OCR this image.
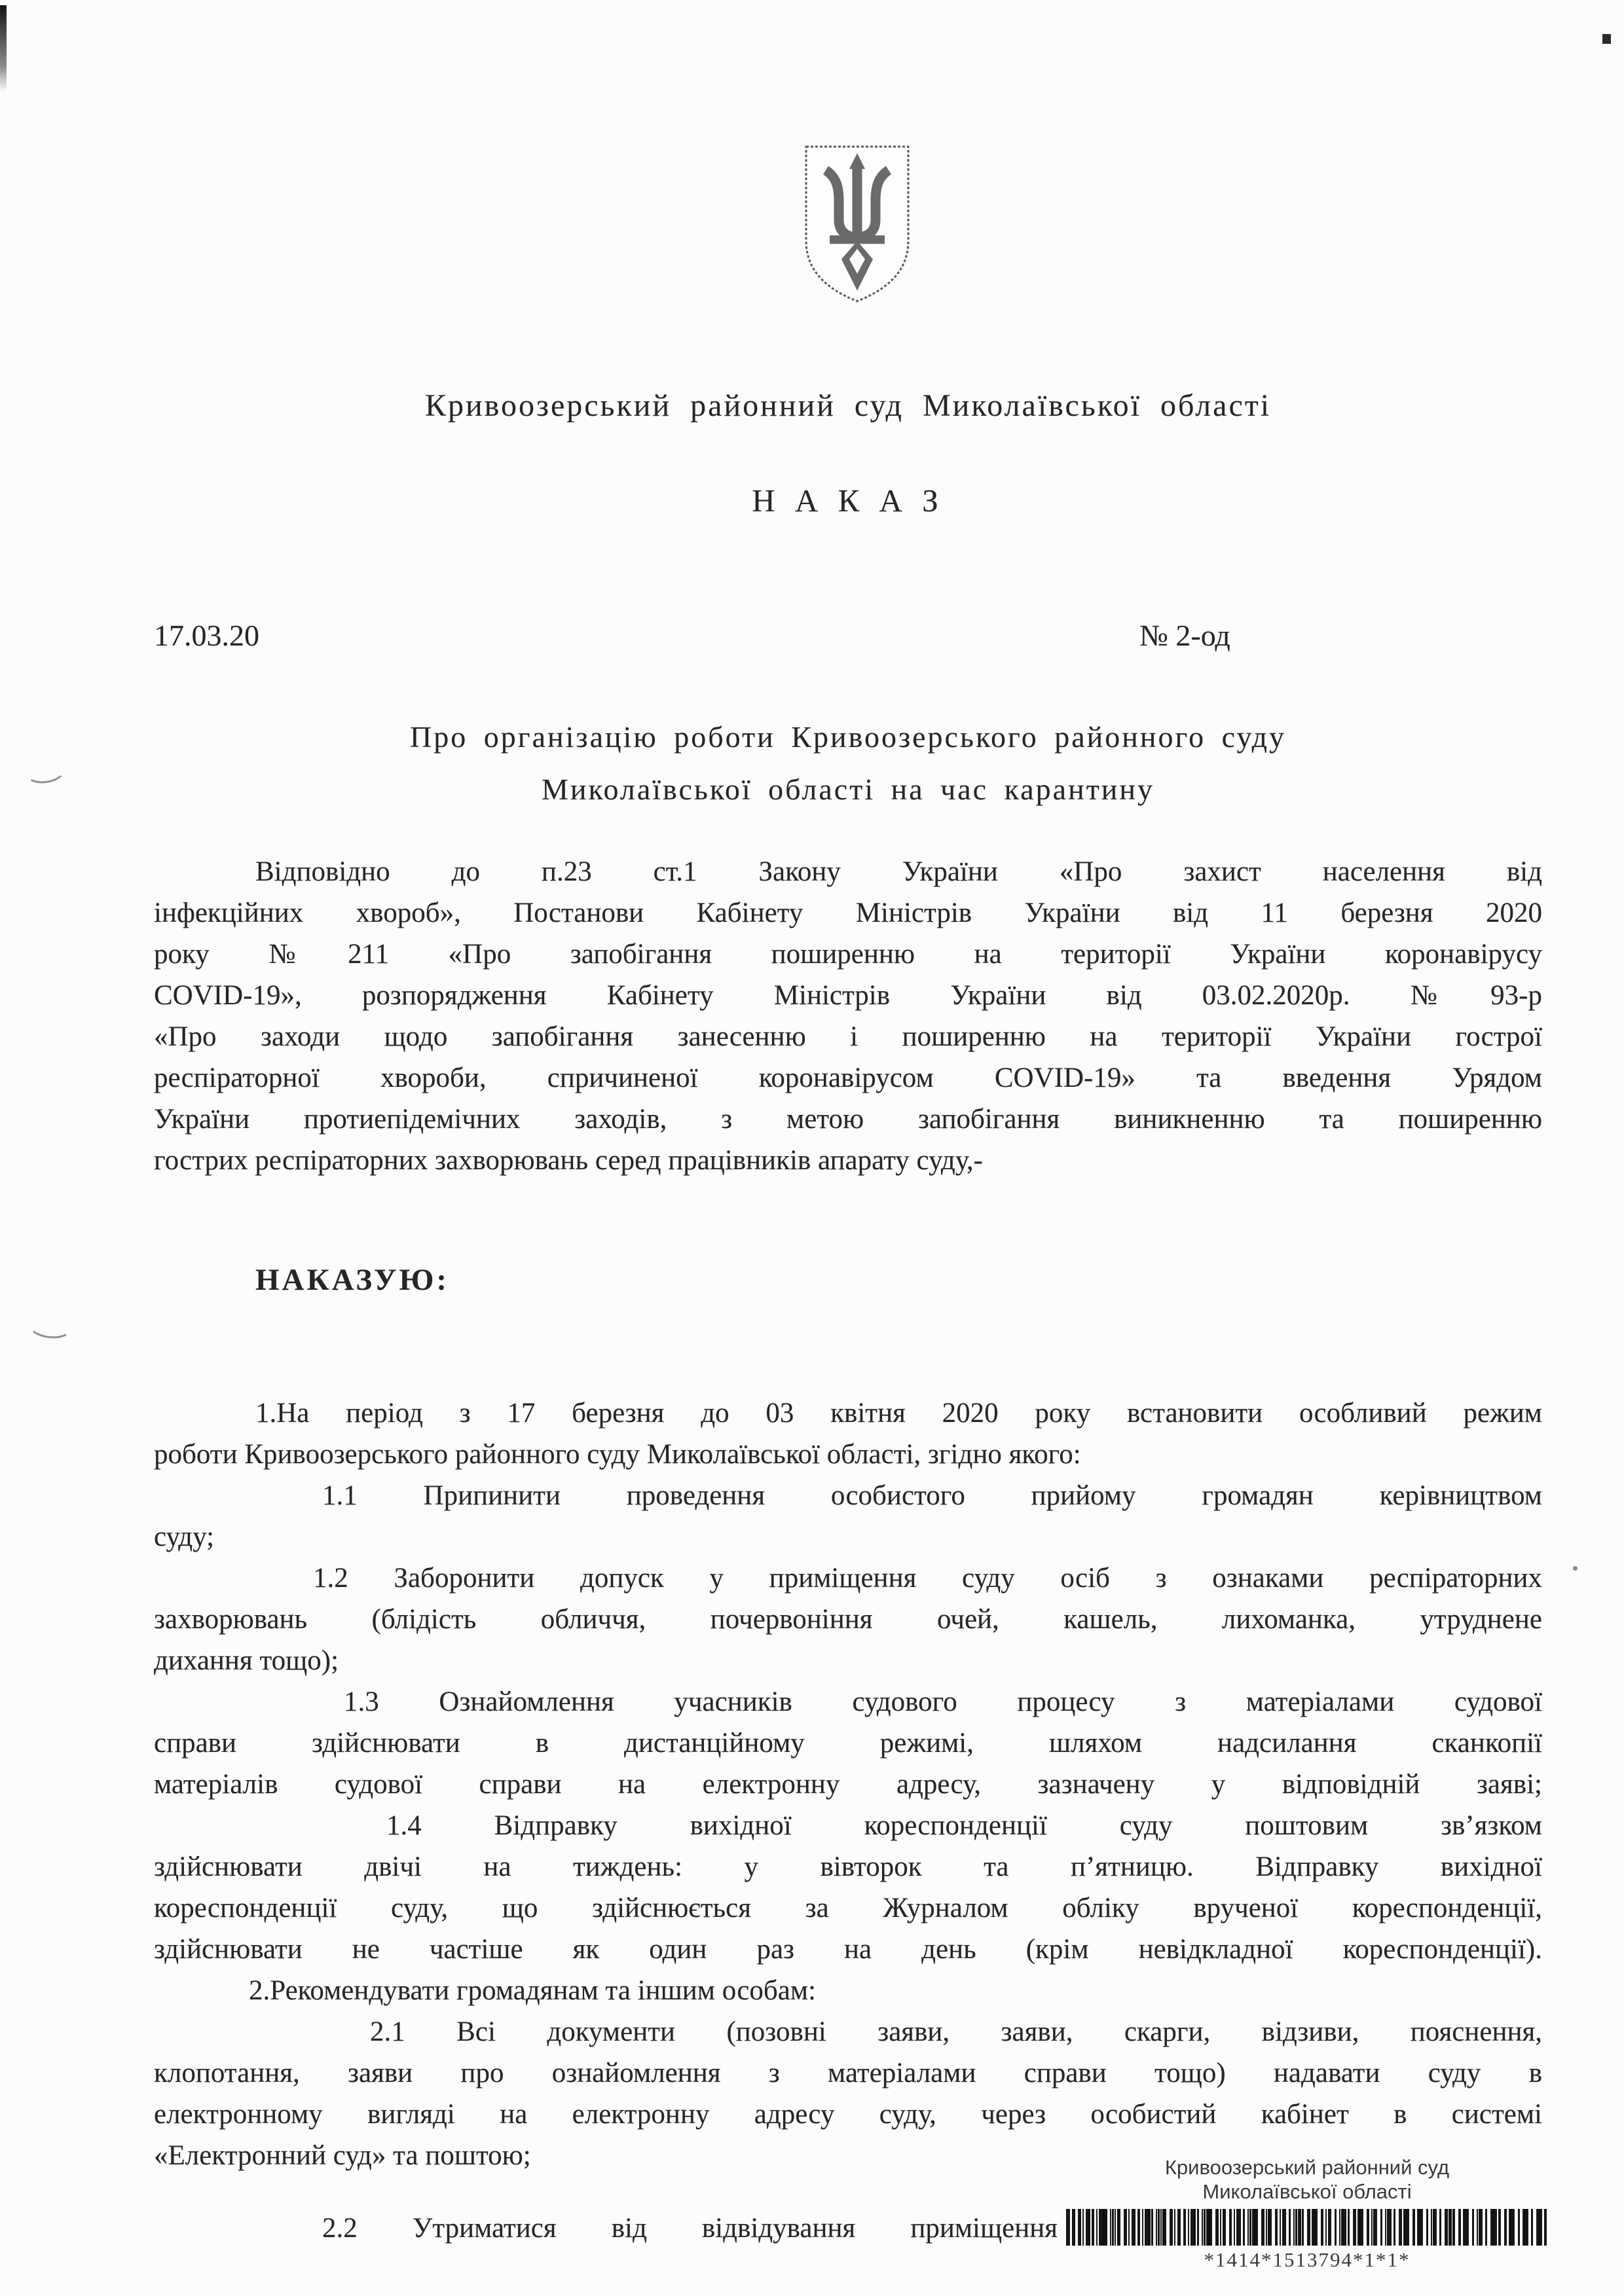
Кривоозерський районний суд Миколаївської області
Н А К А З
17.03.20	№ 2-од
Про організацію роботи Кривоозерського районного суду
Миколаївської області на час карантину
Відповідно до п.23 ст.1 Закону України «Про захист населення від
інфекційних хвороб», Постанови Кабінету Міністрів України від 11 березня 2020
року №211 «Про запобігання поширенню на території України коронавірусу
COVID-19», розпорядження Кабінету Міністрів України від 03.02.2020р. №93-р
«Про заходи щодо запобігання занесенню і поширенню на території України гострої
респіраторної хвороби, спричиненої коронавірусом COVID-19» та введення Урядом
України протиепідемічних заходів, з метою запобігання виникненню та поширенню
гострих респіраторних захворювань серед працівників апарату суду,-
НАКАЗУЮ:
1.На період з 17 березня до 03 квітня 2020 року встановити особливий режим
роботи Кривоозерського районного суду Миколаївської області, згідно якого:
1.1 Припинити проведення особистого прийому громадян керівництвом
суду;
1.2 Заборонити допуск у приміщення суду осіб з ознаками респіраторних
захворювань (блідість обличчя, почервоніння очей, кашель, лихоманка, утруднене
дихання тощо);
1.3 Ознайомлення учасників судового процесу з матеріалами судової
справи здійснювати в дистанційному режимі, шляхом надсилання сканкопії
матеріалів судової справи на електронну адресу, зазначену у відповідній заяві;
1.4 Відправку вихідної кореспонденції суду поштовим зв’язком
здійснювати двічі на тиждень: у вівторок та п’ятницю. Відправку вихідної
кореспонденції суду, що здійснюється за Журналом обліку врученої кореспонденції,
здійснювати не частіше як один раз на день (крім невідкладної кореспонденції).
2.Рекомендувати громадянам та іншим особам:
2.1 Всі документи (позовні заяви, заяви, скарги, відзиви, пояснення,
клопотання, заяви про ознайомлення з матеріалами справи тощо) надавати суду в
електронному вигляді на електронну адресу суду, через особистий кабінет в системі
«Електронний суд» та поштою;
2.2 Утриматися від відвідування приміщення
Кривоозерський районний суд
Миколаївської області
*1414*1513794*1*1*
